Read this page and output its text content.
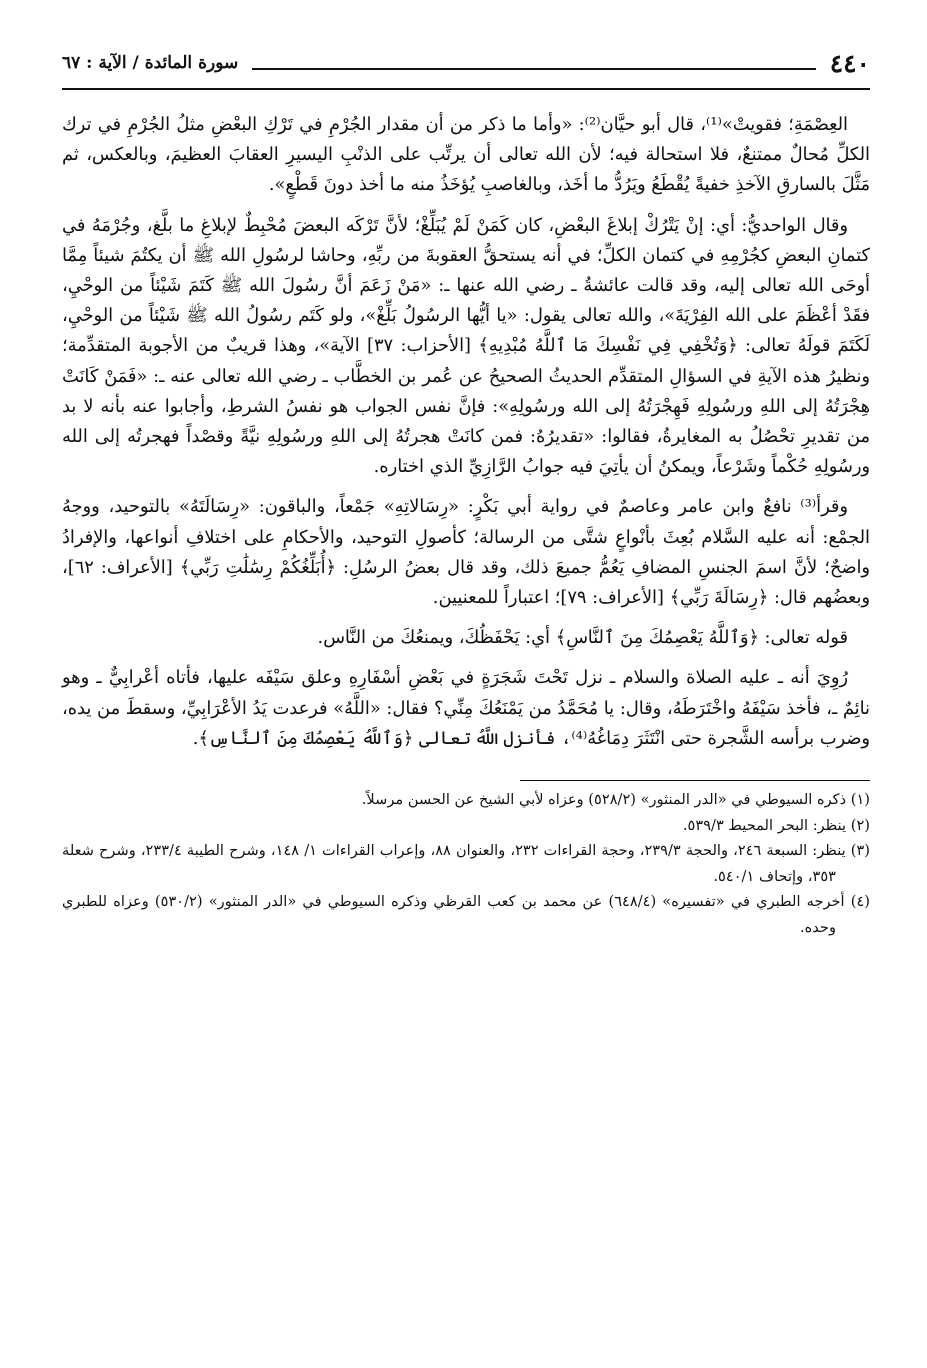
٤٤٠
سورة المائدة / الآية : ٦٧

العِصْمَةِ؛ فقويتْ»⁽¹⁾، قال أبو حيَّان⁽²⁾: «وأما ما ذكر من أن مقدار الجُرْمِ في تَرْكِ البعْضِ مثلُ الجُرْمِ في ترك الكلِّ مُحالٌ ممتنعٌ، فلا استحالة فيه؛ لأن الله تعالى أن يرتِّب على الذنْبِ اليسيرِ العقابَ العظيمَ، وبالعكس، ثم مَثَّلَ بالسارقِ الآخذِ خفيةً يُقْطَعُ ويَرُدُّ ما أخَذ، وبالغاصبِ يُؤخَذُ منه ما أخذ دونَ قَطْعٍ».

وقال الواحديُّ: أي: إنْ يَتْرُكْ إبلاغَ البعْضِ، كان كَمَنْ لَمْ يُبَلِّغْ؛ لأنَّ تَرْكَه البعضَ مُحْبِطٌ لإبلاغِ ما بلَّغ، وجُرْمَهُ في كتمانِ البعضِ كجُرْمِهِ في كتمان الكلِّ؛ في أنه يستحقُّ العقوبةَ من ربِّهِ، وحاشا لرسُولِ الله ﷺ أن يكتُمَ شيئاً مِمَّا أوحَى الله تعالى إليه، وقد قالت عائشةُ ـ رضي الله عنها ـ: «مَنْ زَعَمَ أنَّ رسُولَ الله ﷺ كَتَمَ شَيْئاً من الوحْيِ، فقَدْ أعْظَمَ على الله الفِرْيَةَ»، والله تعالى يقول: «يا أيُّها الرسُولُ بَلِّغْ»، ولو كَتَم رسُولُ الله ﷺ شَيْئاً من الوحْيِ، لَكَتَمَ قولَهُ تعالى: ﴿وَتُخْفِي فِي نَفْسِكَ مَا ٱللَّهُ مُبْدِيهِ﴾ [الأحزاب: ٣٧] الآية»، وهذا قريبٌ من الأجوبة المتقدِّمة؛ ونظيرُ هذه الآيةِ في السؤالِ المتقدِّم الحديثُ الصحيحُ عن عُمر بن الخطَّاب ـ رضي الله تعالى عنه ـ: «فَمَنْ كَانَتْ هِجْرَتُهُ إلى اللهِ ورسُولِهِ فَهِجْرَتُهُ إلى الله ورسُولِهِ»: فإنَّ نفس الجواب هو نفسُ الشرطِ، وأجابوا عنه بأنه لا بد من تقديرِ تحْصُلُ به المغايرةُ، فقالوا: «تقديرُهُ: فمن كانَتْ هجرتُهُ إلى اللهِ ورسُولِهِ نيَّةً وقصْداً فهجرتُه إلى الله ورسُولِهِ حُكْماً وشَرْعاً، ويمكنُ أن يأتِيَ فيه جوابُ الرَّازِيِّ الذي اختاره.

وقرأ⁽³⁾ نافعٌ وابن عامر وعاصمٌ في رواية أبي بَكْرٍ: «رِسَالاتِهِ» جَمْعاً، والباقون: «رِسَالَتَهُ» بالتوحيد، ووجهُ الجمْع: أنه عليه السَّلام بُعِثَ بأنْواعٍ شتَّى من الرسالة؛ كأصولِ التوحيد، والأحكامِ على اختلافِ أنواعها، والإفرادُ واضحٌ؛ لأنَّ اسمَ الجنسِ المضافِ يَعُمُّ جميعَ ذلك، وقد قال بعضُ الرسُلِ: ﴿أُبَلِّغُكُمْ رِسَٰلَٰتِ رَبِّي﴾ [الأعراف: ٦٢]، وبعضُهم قال: ﴿رِسَالَةَ رَبِّي﴾ [الأعراف: ٧٩]؛ اعتباراً للمعنيين.

قوله تعالى: ﴿وَٱللَّهُ يَعْصِمُكَ مِنَ ٱلنَّاسِ﴾ أي: يَحْفَظُكَ، ويمنعُكَ من النَّاس.

رُوِيَ أنه ـ عليه الصلاة والسلام ـ نزل تَحْتَ شَجَرَةٍ في بَعْضِ أسْفَارِهِ وعلق سَيْفَه عليها، فأتاه أعْرابِيٌّ ـ وهو نائِمٌ ـ، فأخذ سَيْفَهُ واخْتَرَطَهُ، وقال: يا مُحَمَّدُ من يَمْنَعُكَ مِنِّي؟ فقال: «اللَّهُ» فرعدت يَدُ الأعْرَابِيِّ، وسقطَ من يده، وضرب برأسه الشَّجرة حتى انْتَثَرَ دِمَاغُهُ⁽⁴⁾، فأنزل اللَّهُ تعالى ﴿وَٱللَّهُ يَعْصِمُكَ مِنَ ٱلنَّاسِ﴾.

(١) ذكره السيوطي في «الدر المنثور» (٥٢٨/٢) وعزاه لأبي الشيخ عن الحسن مرسلاً.

(٢) ينظر: البحر المحيط ٥٣٩/٣.

(٣) ينظر: السبعة ٢٤٦، والحجة ٢٣٩/٣، وحجة القراءات ٢٣٢، والعنوان ٨٨، وإعراب القراءات ١/ ١٤٨، وشرح الطيبة ٢٣٣/٤، وشرح شعلة ٣٥٣، وإتحاف ٥٤٠/١.

(٤) أخرجه الطبري في «تفسيره» (٦٤٨/٤) عن محمد بن كعب القرظي وذكره السيوطي في «الدر المنثور» (٥٣٠/٢) وعزاه للطبري وحده.
